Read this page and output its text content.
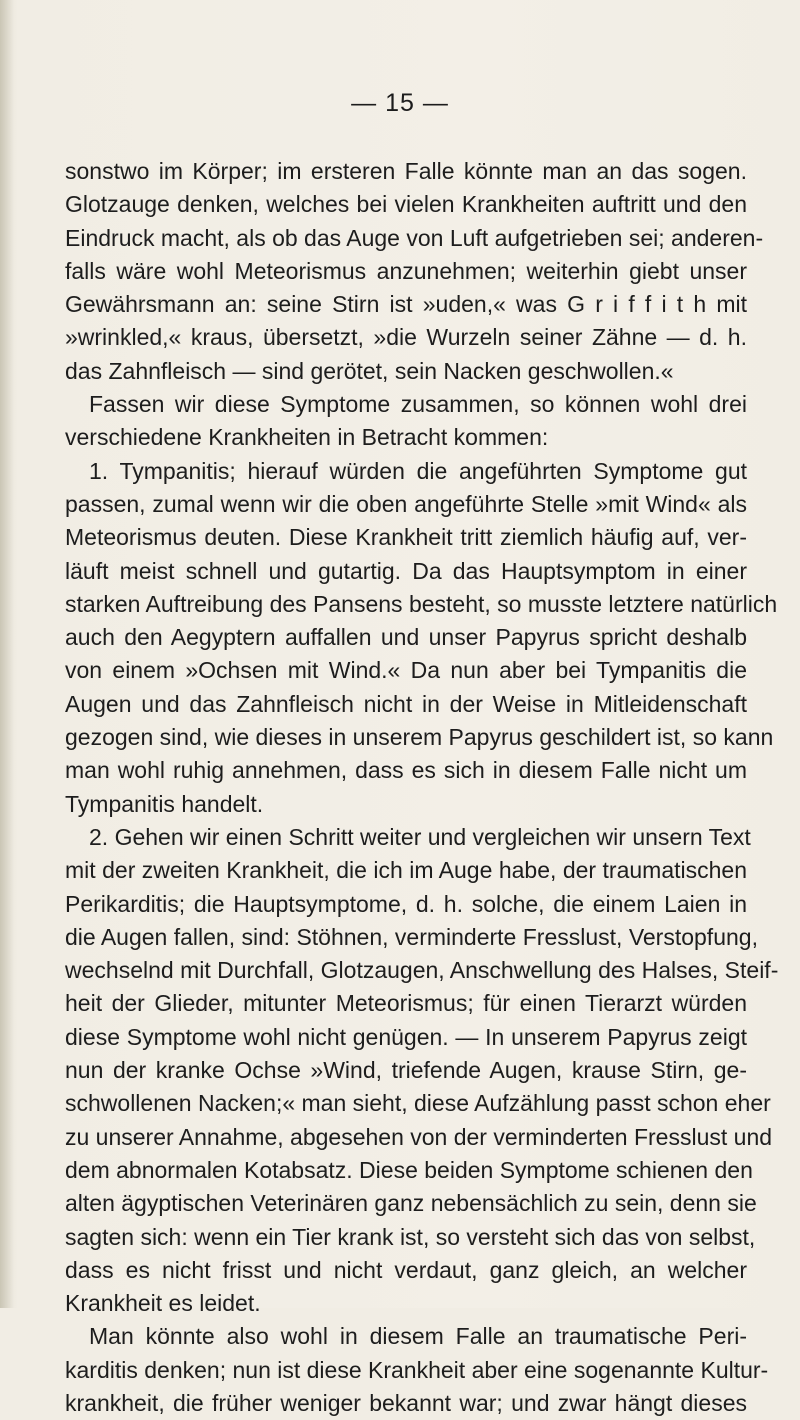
— 15 —
sonstwo im Körper; im ersteren Falle könnte man an das sogen.
Glotzauge denken, welches bei vielen Krankheiten auftritt und den
Eindruck macht, als ob das Auge von Luft aufgetrieben sei; anderen-
falls wäre wohl Meteorismus anzunehmen; weiterhin giebt unser
Gewährsmann an: seine Stirn ist »uden,« was G r i f f i t h mit
»wrinkled,« kraus, übersetzt, »die Wurzeln seiner Zähne — d. h.
das Zahnfleisch — sind gerötet, sein Nacken geschwollen.«
Fassen wir diese Symptome zusammen, so können wohl drei
verschiedene Krankheiten in Betracht kommen:
1. Tympanitis; hierauf würden die angeführten Symptome gut
passen, zumal wenn wir die oben angeführte Stelle »mit Wind« als
Meteorismus deuten. Diese Krankheit tritt ziemlich häufig auf, ver-
läuft meist schnell und gutartig. Da das Hauptsymptom in einer
starken Auftreibung des Pansens besteht, so musste letztere natürlich
auch den Aegyptern auffallen und unser Papyrus spricht deshalb
von einem »Ochsen mit Wind.« Da nun aber bei Tympanitis die
Augen und das Zahnfleisch nicht in der Weise in Mitleidenschaft
gezogen sind, wie dieses in unserem Papyrus geschildert ist, so kann
man wohl ruhig annehmen, dass es sich in diesem Falle nicht um
Tympanitis handelt.
2. Gehen wir einen Schritt weiter und vergleichen wir unsern Text
mit der zweiten Krankheit, die ich im Auge habe, der traumatischen
Perikarditis; die Hauptsymptome, d. h. solche, die einem Laien in
die Augen fallen, sind: Stöhnen, verminderte Fresslust, Verstopfung,
wechselnd mit Durchfall, Glotzaugen, Anschwellung des Halses, Steif-
heit der Glieder, mitunter Meteorismus; für einen Tierarzt würden
diese Symptome wohl nicht genügen. — In unserem Papyrus zeigt
nun der kranke Ochse »Wind, triefende Augen, krause Stirn, ge-
schwollenen Nacken;« man sieht, diese Aufzählung passt schon eher
zu unserer Annahme, abgesehen von der verminderten Fresslust und
dem abnormalen Kotabsatz. Diese beiden Symptome schienen den
alten ägyptischen Veterinären ganz nebensächlich zu sein, denn sie
sagten sich: wenn ein Tier krank ist, so versteht sich das von selbst,
dass es nicht frisst und nicht verdaut, ganz gleich, an welcher
Krankheit es leidet.
Man könnte also wohl in diesem Falle an traumatische Peri-
karditis denken; nun ist diese Krankheit aber eine sogenannte Kultur-
krankheit, die früher weniger bekannt war; und zwar hängt dieses
